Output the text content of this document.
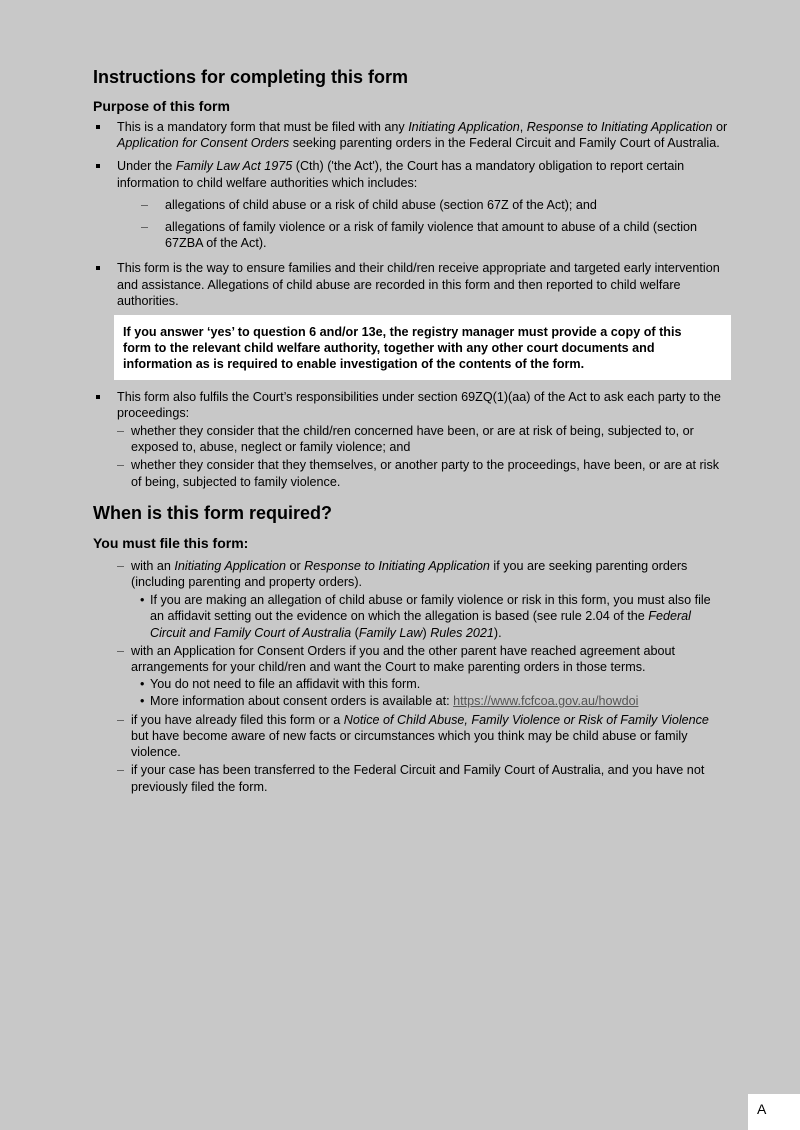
Instructions for completing this form
Purpose of this form
This is a mandatory form that must be filed with any Initiating Application, Response to Initiating Application or Application for Consent Orders seeking parenting orders in the Federal Circuit and Family Court of Australia.
Under the Family Law Act 1975 (Cth) ('the Act'), the Court has a mandatory obligation to report certain information to child welfare authorities which includes:
– allegations of child abuse or a risk of child abuse (section 67Z of the Act); and
– allegations of family violence or a risk of family violence that amount to abuse of a child (section 67ZBA of the Act).
This form is the way to ensure families and their child/ren receive appropriate and targeted early intervention and assistance. Allegations of child abuse are recorded in this form and then reported to child welfare authorities.
If you answer ‘yes’ to question 6 and/or 13e, the registry manager must provide a copy of this form to the relevant child welfare authority, together with any other court documents and information as is required to enable investigation of the contents of the form.
This form also fulfils the Court’s responsibilities under section 69ZQ(1)(aa) of the Act to ask each party to the proceedings:
– whether they consider that the child/ren concerned have been, or are at risk of being, subjected to, or exposed to, abuse, neglect or family violence; and
– whether they consider that they themselves, or another party to the proceedings, have been, or are at risk of being, subjected to family violence.
When is this form required?
You must file this form:
– with an Initiating Application or Response to Initiating Application if you are seeking parenting orders (including parenting and property orders).
• If you are making an allegation of child abuse or family violence or risk in this form, you must also file an affidavit setting out the evidence on which the allegation is based (see rule 2.04 of the Federal Circuit and Family Court of Australia (Family Law) Rules 2021).
– with an Application for Consent Orders if you and the other parent have reached agreement about arrangements for your child/ren and want the Court to make parenting orders in those terms.
• You do not need to file an affidavit with this form.
• More information about consent orders is available at: https://www.fcfcoa.gov.au/howdoi
– if you have already filed this form or a Notice of Child Abuse, Family Violence or Risk of Family Violence but have become aware of new facts or circumstances which you think may be child abuse or family violence.
– if your case has been transferred to the Federal Circuit and Family Court of Australia, and you have not previously filed the form.
A
